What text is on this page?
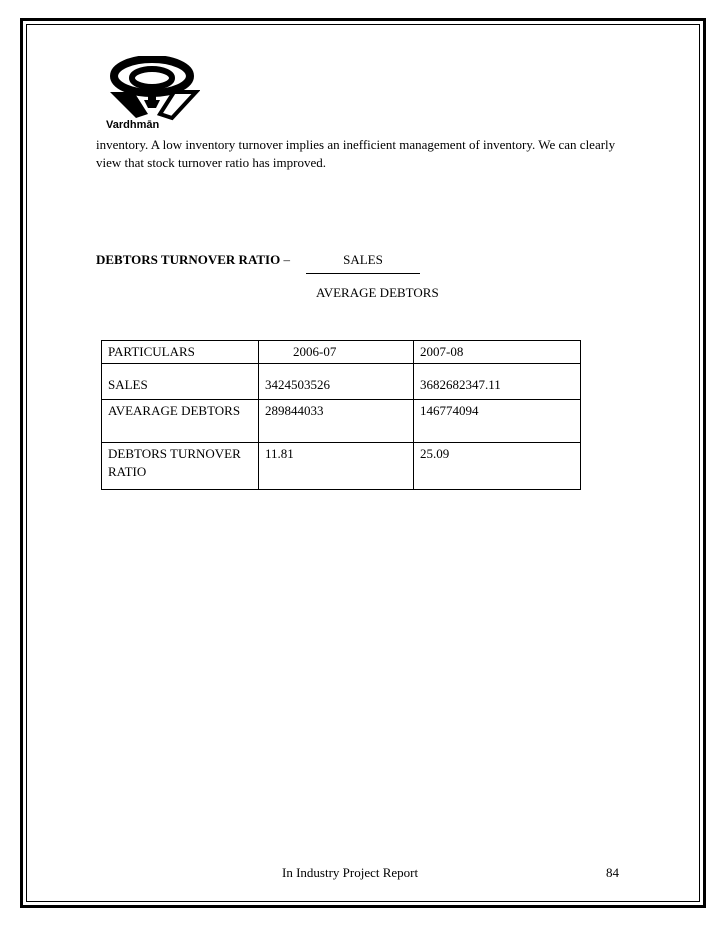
Vardhmān
inventory. A low inventory turnover implies an inefficient management of inventory. We can clearly view that stock turnover ratio has improved.
DEBTORS TURNOVER RATIO –	SALES
AVERAGE DEBTORS
PARTICULARS	2006-07	2007-08
SALES	3424503526	3682682347.11
AVEARAGE DEBTORS	289844033	146774094
DEBTORS TURNOVER RATIO	11.81	25.09
In Industry Project Report	84
